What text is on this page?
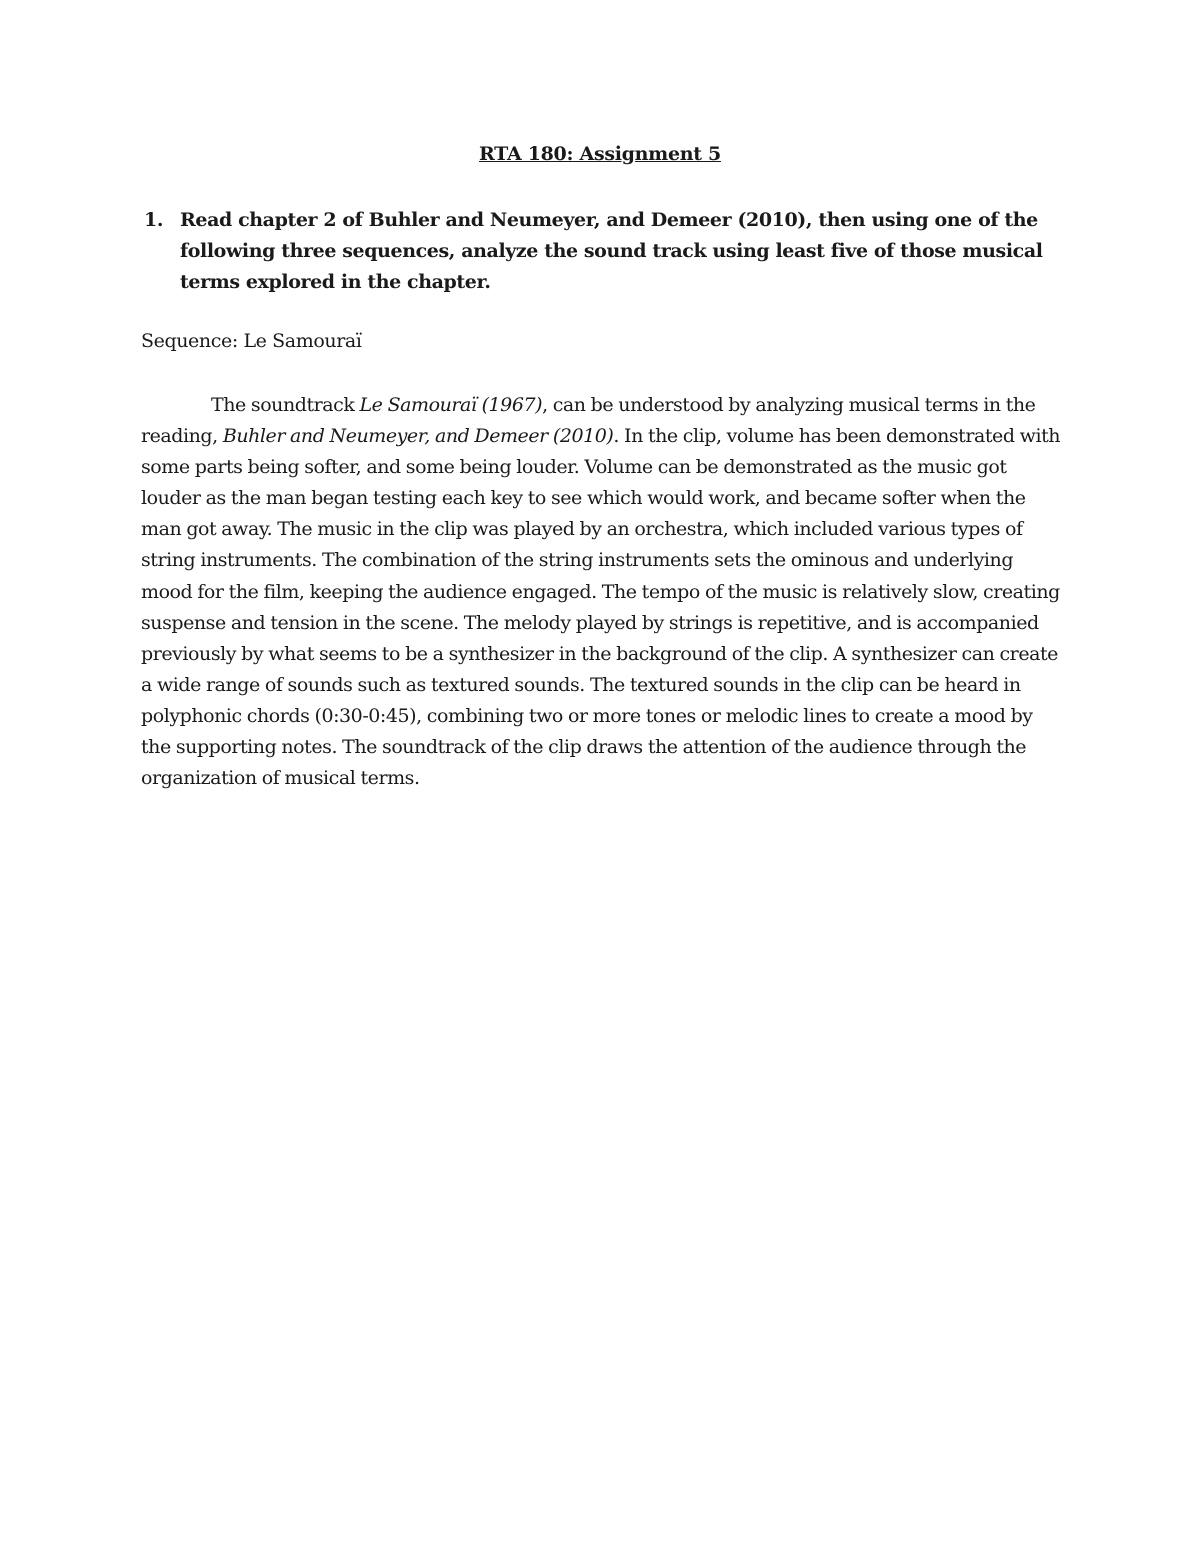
RTA 180: Assignment 5
1. Read chapter 2 of Buhler and Neumeyer, and Demeer (2010), then using one of the following three sequences, analyze the sound track using least five of those musical terms explored in the chapter.
Sequence: Le Samouraï
The soundtrack Le Samouraï (1967), can be understood by analyzing musical terms in the reading, Buhler and Neumeyer, and Demeer (2010). In the clip, volume has been demonstrated with some parts being softer, and some being louder. Volume can be demonstrated as the music got louder as the man began testing each key to see which would work, and became softer when the man got away. The music in the clip was played by an orchestra, which included various types of string instruments. The combination of the string instruments sets the ominous and underlying mood for the film, keeping the audience engaged. The tempo of the music is relatively slow, creating suspense and tension in the scene. The melody played by strings is repetitive, and is accompanied previously by what seems to be a synthesizer in the background of the clip. A synthesizer can create a wide range of sounds such as textured sounds. The textured sounds in the clip can be heard in polyphonic chords (0:30-0:45), combining two or more tones or melodic lines to create a mood by the supporting notes. The soundtrack of the clip draws the attention of the audience through the organization of musical terms.
